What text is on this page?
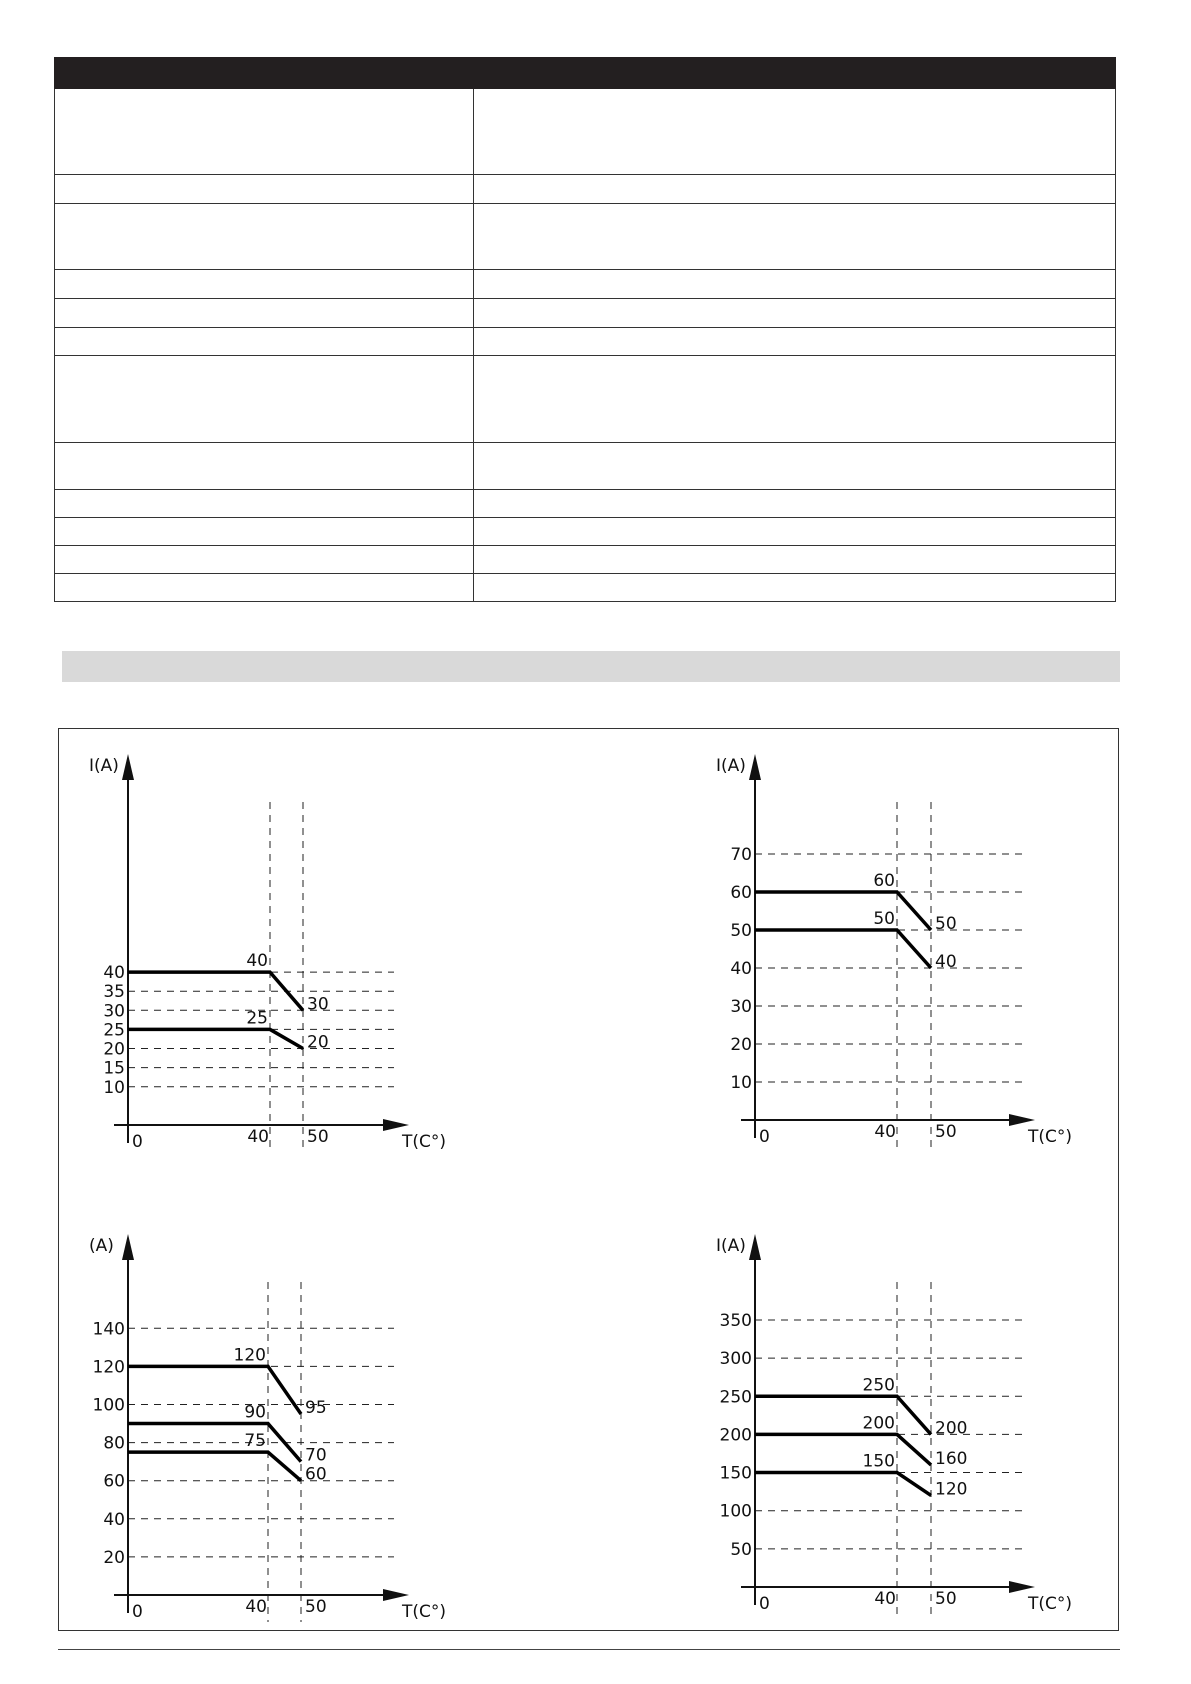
40
35
30
25
20
15
10
I(A)
T(C°)
0	40 50
40
30
25
20
70
60
50
40
30
20
10
I(A)
T(C°)
0	40 50
60
50
50
40
140
120
100
80
60
40
20
(A)
T(C°)
0	40 50
120
95
90
70
75
60
350
300
250
200
150
100
50
I(A)
T(C°)
0	40 50
250
200
200
160
150
120
